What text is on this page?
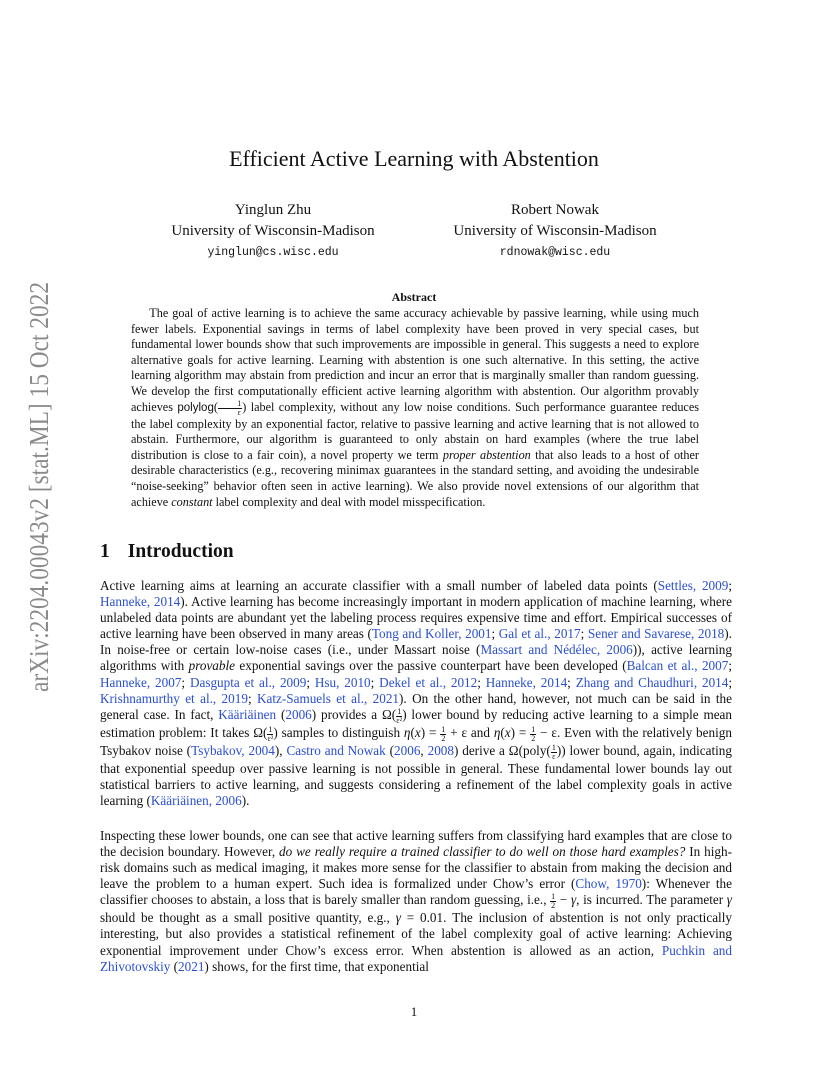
arXiv:2204.00043v2 [stat.ML] 15 Oct 2022
Efficient Active Learning with Abstention
Yinglun Zhu
University of Wisconsin-Madison
yinglun@cs.wisc.edu
Robert Nowak
University of Wisconsin-Madison
rdnowak@wisc.edu
Abstract

The goal of active learning is to achieve the same accuracy achievable by passive learning, while using much fewer labels. Exponential savings in terms of label complexity have been proved in very special cases, but fundamental lower bounds show that such improvements are impossible in general. This suggests a need to explore alternative goals for active learning. Learning with abstention is one such alternative. In this setting, the active learning algorithm may abstain from prediction and incur an error that is marginally smaller than random guessing. We develop the first computationally efficient active learning algorithm with abstention. Our algorithm provably achieves polylog( $\frac{1}{\varepsilon}$ ) label complexity, without any low noise conditions. Such performance guarantee reduces the label complexity by an exponential factor, relative to passive learning and active learning that is not allowed to abstain. Furthermore, our algorithm is guaranteed to only abstain on hard examples (where the true label distribution is close to a fair coin), a novel property we term proper abstention that also leads to a host of other desirable characteristics (e.g., recovering minimax guarantees in the standard setting, and avoiding the undesirable “noise-seeking” behavior often seen in active learning). We also provide novel extensions of our algorithm that achieve constant label complexity and deal with model misspecification.

1 Introduction

Active learning aims at learning an accurate classifier with a small number of labeled data points (Settles, 2009; Hanneke, 2014). Active learning has become increasingly important in modern application of machine learning, where unlabeled data points are abundant yet the labeling process requires expensive time and effort. Empirical successes of active learning have been observed in many areas (Tong and Koller, 2001; Gal et al., 2017; Sener and Savarese, 2018). In noise-free or certain low-noise cases (i.e., under Massart noise (Massart and Nédélec, 2006)), active learning algorithms with provable exponential savings over the passive counterpart have been developed (Balcan et al., 2007; Hanneke, 2007; Dasgupta et al., 2009; Hsu, 2010; Dekel et al., 2012; Hanneke, 2014; Zhang and Chaudhuri, 2014; Krishnamurthy et al., 2019; Katz-Samuels et al., 2021). On the other hand, however, not much can be said in the general case. In fact, Kääriäinen (2006) provides a $\Omega( \frac{1}{\text{ε²}}$ ) lower bound by reducing active learning to a simple mean estimation problem: It takes $\Omega( \frac{1}{\text{ε²}}$ ) samples to distinguish $\eta(x) = \frac{1}{2} + \varepsilon$ and $\eta(x) = \frac{1}{2} - \varepsilon$. Even with the relatively benign Tsybakov noise (Tsybakov, 2004), Castro and Nowak (2006, 2008) derive a Ω(poly( $\frac{1}{\varepsilon}$ )) lower bound, again, indicating that exponential speedup over passive learning is not possible in general. These fundamental lower bounds lay out statistical barriers to active learning, and suggests considering a refinement of the label complexity goals in active learning (Kääriäinen, 2006).

Inspecting these lower bounds, one can see that active learning suffers from classifying hard examples that are close to the decision boundary. However, do we really require a trained classifier to do well on those hard examples? In high-risk domains such as medical imaging, it makes more sense for the classifier to abstain from making the decision and leave the problem to a human expert. Such idea is formalized under Chow’s error (Chow, 1970): Whenever the classifier chooses to abstain, a loss that is barely smaller than random guessing, i.e., $\frac{1}{2} - \gamma$, is incurred. The parameter γ should be thought as a small positive quantity, e.g., γ = 0.01. The inclusion of abstention is not only practically interesting, but also provides a statistical refinement of the label complexity goal of active learning: Achieving exponential improvement under Chow’s excess error. When abstention is allowed as an action, Puchkin and Zhivotovskiy (2021) shows, for the first time, that exponential

1
